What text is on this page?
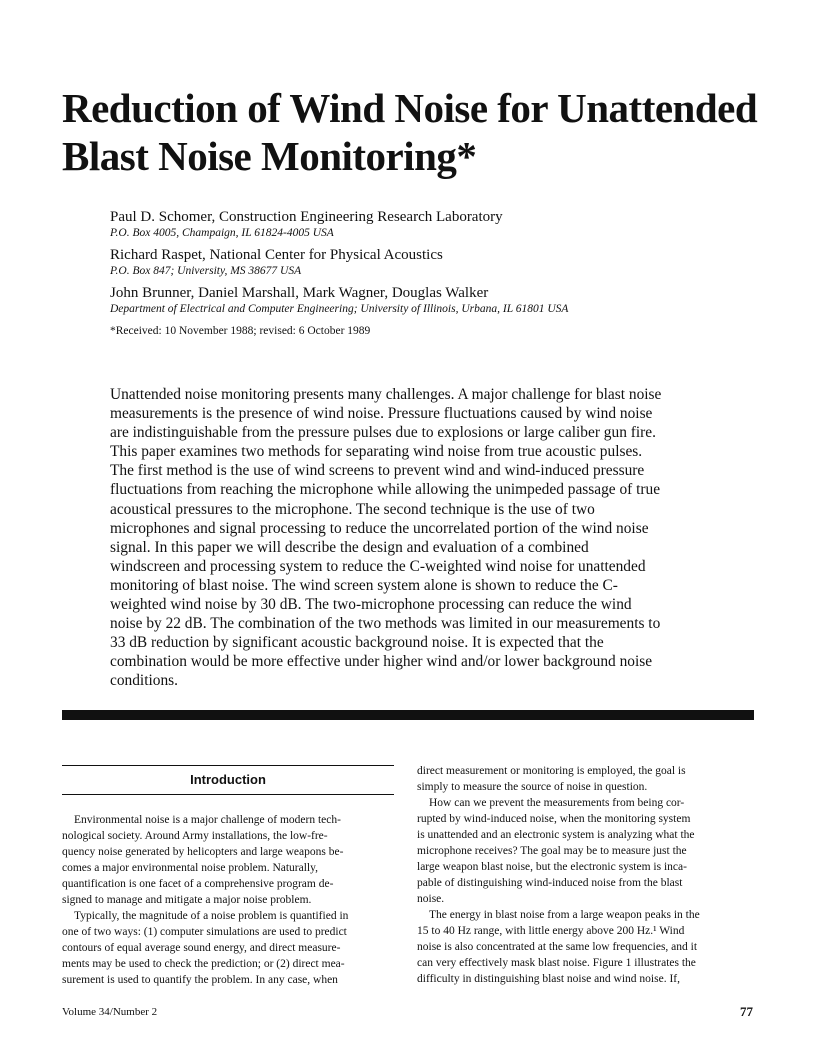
Reduction of Wind Noise for Unattended
Blast Noise Monitoring*
Paul D. Schomer, Construction Engineering Research Laboratory
P.O. Box 4005, Champaign, IL 61824-4005 USA
Richard Raspet, National Center for Physical Acoustics
P.O. Box 847; University, MS 38677 USA
John Brunner, Daniel Marshall, Mark Wagner, Douglas Walker
Department of Electrical and Computer Engineering; University of Illinois, Urbana, IL 61801 USA
*Received: 10 November 1988; revised: 6 October 1989
Unattended noise monitoring presents many challenges. A major challenge for blast noise
measurements is the presence of wind noise. Pressure fluctuations caused by wind noise
are indistinguishable from the pressure pulses due to explosions or large caliber gun fire.
This paper examines two methods for separating wind noise from true acoustic pulses.
The first method is the use of wind screens to prevent wind and wind-induced pressure
fluctuations from reaching the microphone while allowing the unimpeded passage of true
acoustical pressures to the microphone. The second technique is the use of two
microphones and signal processing to reduce the uncorrelated portion of the wind noise
signal. In this paper we will describe the design and evaluation of a combined
windscreen and processing system to reduce the C-weighted wind noise for unattended
monitoring of blast noise. The wind screen system alone is shown to reduce the C-
weighted wind noise by 30 dB. The two-microphone processing can reduce the wind
noise by 22 dB. The combination of the two methods was limited in our measurements to
33 dB reduction by significant acoustic background noise. It is expected that the
combination would be more effective under higher wind and/or lower background noise
conditions.
Introduction
Environmental noise is a major challenge of modern tech-
nological society. Around Army installations, the low-fre-
quency noise generated by helicopters and large weapons be-
comes a major environmental noise problem. Naturally,
quantification is one facet of a comprehensive program de-
signed to manage and mitigate a major noise problem.
Typically, the magnitude of a noise problem is quantified in
one of two ways: (1) computer simulations are used to predict
contours of equal average sound energy, and direct measure-
ments may be used to check the prediction; or (2) direct mea-
surement is used to quantify the problem. In any case, when
direct measurement or monitoring is employed, the goal is
simply to measure the source of noise in question.
How can we prevent the measurements from being cor-
rupted by wind-induced noise, when the monitoring system
is unattended and an electronic system is analyzing what the
microphone receives? The goal may be to measure just the
large weapon blast noise, but the electronic system is inca-
pable of distinguishing wind-induced noise from the blast
noise.
The energy in blast noise from a large weapon peaks in the
15 to 40 Hz range, with little energy above 200 Hz.¹ Wind
noise is also concentrated at the same low frequencies, and it
can very effectively mask blast noise. Figure 1 illustrates the
difficulty in distinguishing blast noise and wind noise. If,
Volume 34/Number 2	77
